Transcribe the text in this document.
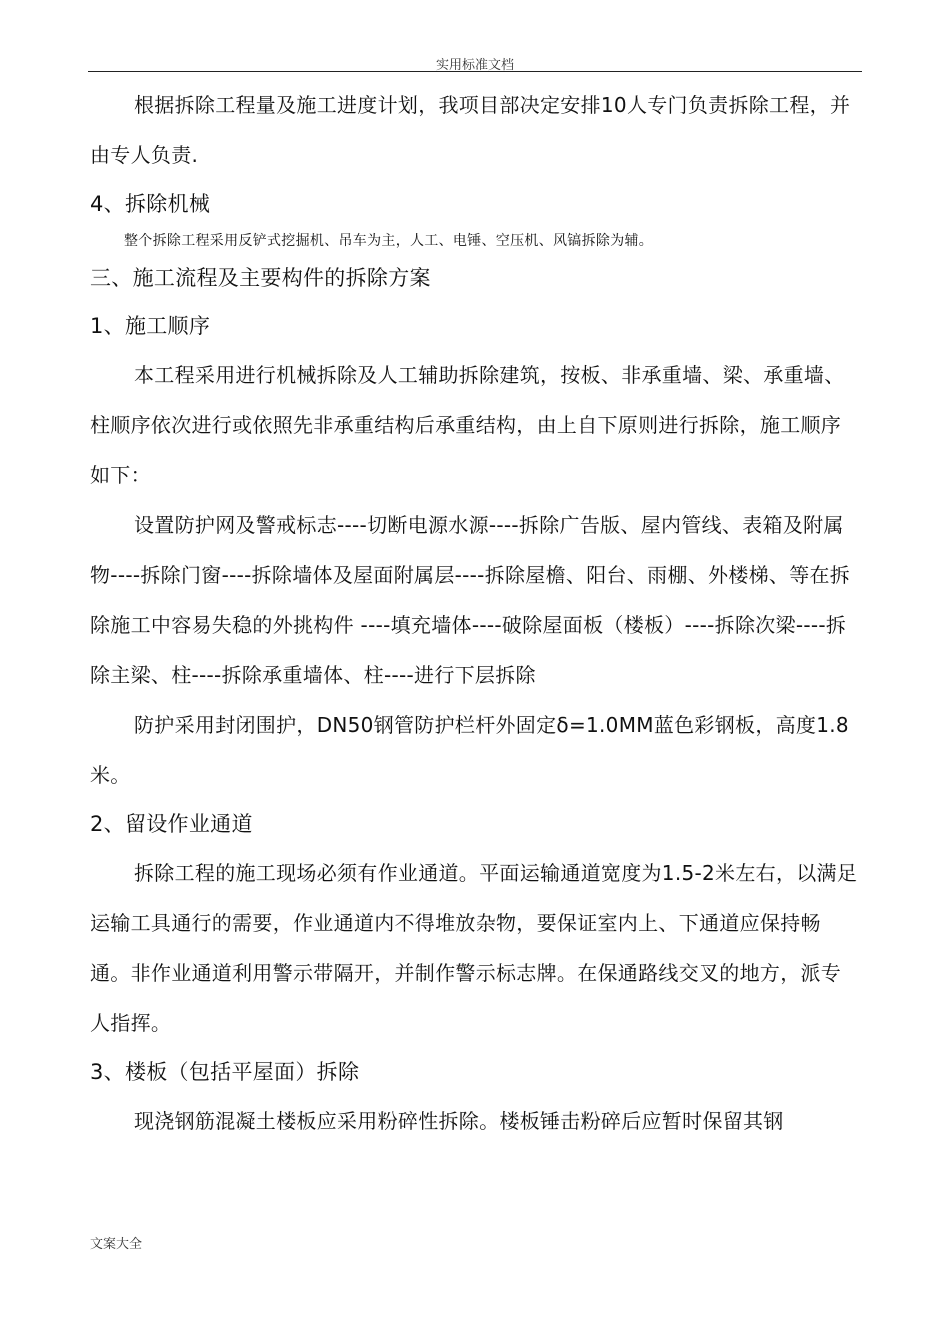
实用标准文档

根据拆除工程量及施工进度计划，我项目部决定安排10人专门负责拆除工程，并由专人负责.

4、拆除机械

整个拆除工程采用反铲式挖掘机、吊车为主，人工、电锤、空压机、风镐拆除为辅。

三、施工流程及主要构件的拆除方案

1、施工顺序

本工程采用进行机械拆除及人工辅助拆除建筑，按板、非承重墙、梁、承重墙、柱顺序依次进行或依照先非承重结构后承重结构，由上自下原则进行拆除，施工顺序如下：

设置防护网及警戒标志----切断电源水源----拆除广告版、屋内管线、表箱及附属物----拆除门窗----拆除墙体及屋面附属层----拆除屋檐、阳台、雨棚、外楼梯、等在拆除施工中容易失稳的外挑构件 ----填充墙体----破除屋面板（楼板）----拆除次梁----拆除主梁、柱----拆除承重墙体、柱----进行下层拆除

防护采用封闭围护，DN50钢管防护栏杆外固定δ=1.0MM蓝色彩钢板，高度1.8米。

2、留设作业通道

拆除工程的施工现场必须有作业通道。平面运输通道宽度为1.5-2米左右，以满足运输工具通行的需要，作业通道内不得堆放杂物，要保证室内上、下通道应保持畅通。非作业通道利用警示带隔开，并制作警示标志牌。在保通路线交叉的地方，派专人指挥。

3、楼板（包括平屋面）拆除

现浇钢筋混凝土楼板应采用粉碎性拆除。楼板锤击粉碎后应暂时保留其钢

文案大全
